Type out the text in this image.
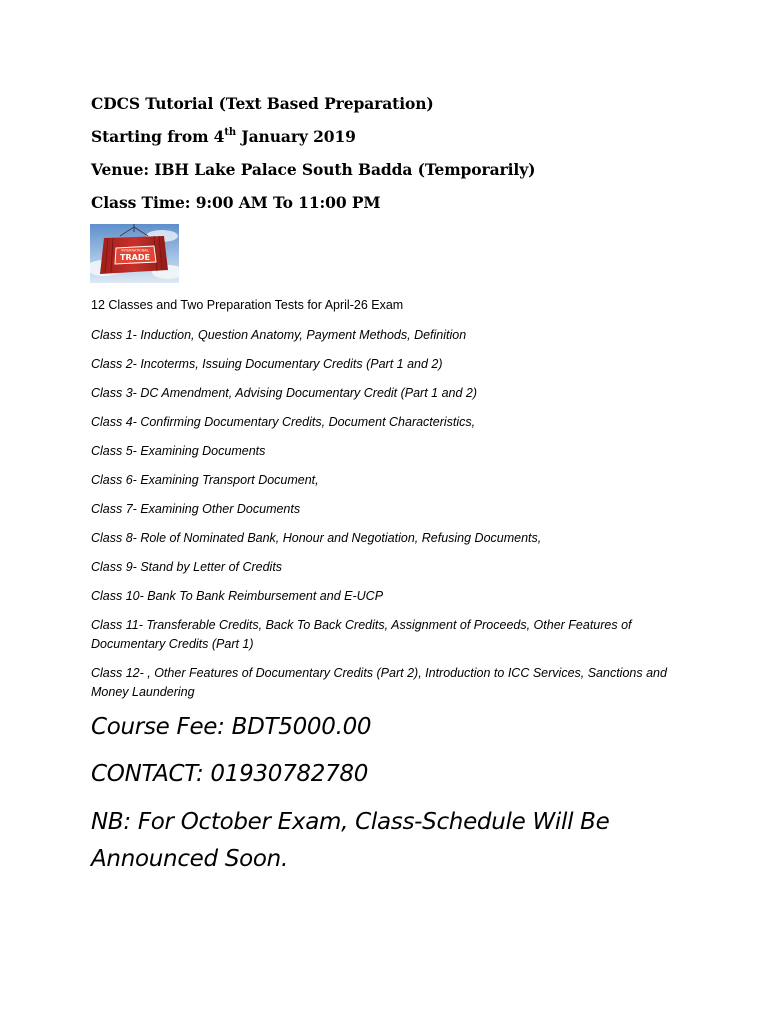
CDCS Tutorial (Text Based Preparation)
Starting from 4th January 2019
Venue: IBH Lake Palace South Badda (Temporarily)
Class Time: 9:00 AM To 11:00 PM
INTERNATIONAL
TRADE
12 Classes and Two Preparation Tests for April-26 Exam
Class 1- Induction, Question Anatomy, Payment Methods, Definition
Class 2- Incoterms, Issuing Documentary Credits (Part 1 and 2)
Class 3- DC Amendment, Advising Documentary Credit (Part 1 and 2)
Class 4- Confirming Documentary Credits, Document Characteristics,
Class 5- Examining Documents
Class 6- Examining Transport Document,
Class 7- Examining Other Documents
Class 8- Role of Nominated Bank, Honour and Negotiation, Refusing Documents,
Class 9- Stand by Letter of Credits
Class 10- Bank To Bank Reimbursement and E-UCP
Class 11- Transferable Credits, Back To Back Credits, Assignment of Proceeds, Other Features of Documentary Credits (Part 1)
Class 12- , Other Features of Documentary Credits (Part 2), Introduction to ICC Services, Sanctions and Money Laundering
Course Fee: BDT5000.00
CONTACT: 01930782780
NB: For October Exam, Class-Schedule Will Be Announced Soon.
